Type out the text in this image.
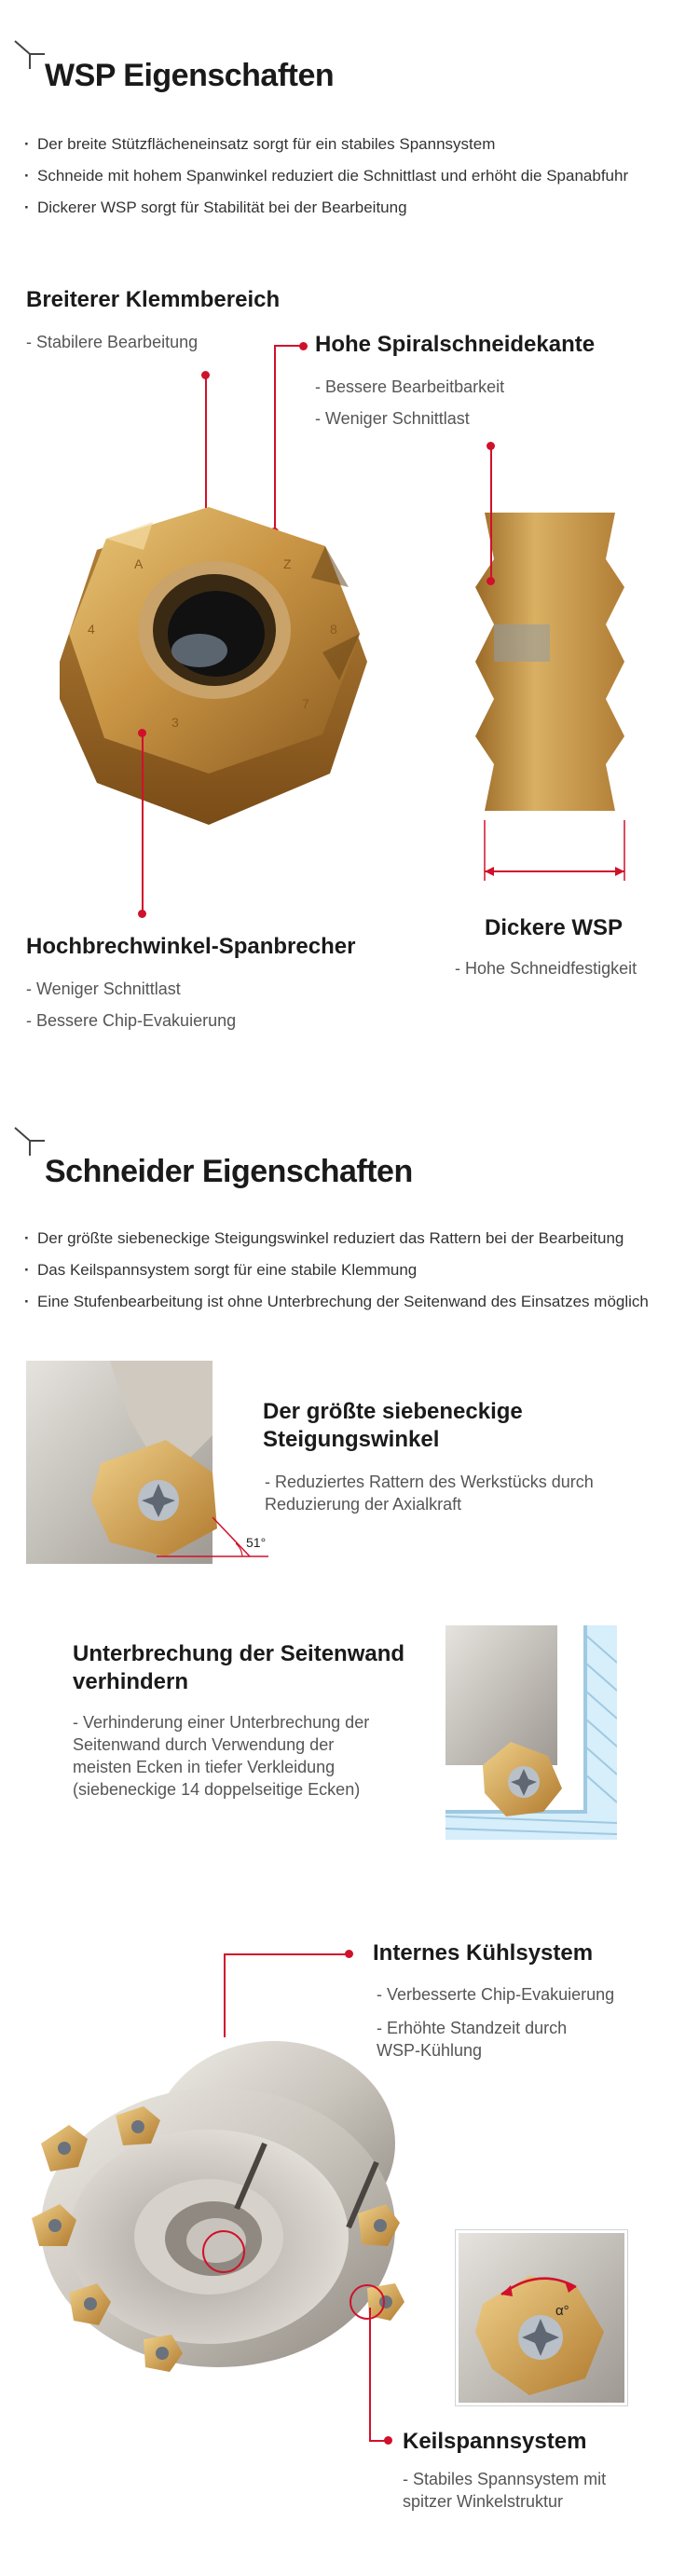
WSP Eigenschaften
· Der breite Stützflächeneinsatz sorgt für ein stabiles Spannsystem
· Schneide mit hohem Spanwinkel reduziert die Schnittlast und erhöht die Spanabfuhr
· Dickerer WSP sorgt für Stabilität bei der Bearbeitung
Breiterer Klemmbereich
- Stabilere Bearbeitung	Hohe Spiralschneidekante
- Bessere Bearbeitbarkeit
- Weniger Schnittlast
A	Z
8
4
7
3
Dickere WSP
- Hohe Schneidfestigkeit
Hochbrechwinkel-Spanbrecher
- Weniger Schnittlast
- Bessere Chip-Evakuierung
Schneider Eigenschaften
· Der größte siebeneckige Steigungswinkel reduziert das Rattern bei der Bearbeitung
· Das Keilspannsystem sorgt für eine stabile Klemmung
· Eine Stufenbearbeitung ist ohne Unterbrechung der Seitenwand des Einsatzes möglich
51°
Der größte siebeneckige
Steigungswinkel
- Reduziertes Rattern des Werkstücks durch
Reduzierung der Axialkraft
Unterbrechung der Seitenwand
verhindern
- Verhinderung einer Unterbrechung der
Seitenwand durch Verwendung der
meisten Ecken in tiefer Verkleidung
(siebeneckige 14 doppelseitige Ecken)
Internes Kühlsystem
- Verbesserte Chip-Evakuierung
- Erhöhte Standzeit durch
WSP-Kühlung
α°
Keilspannsystem
- Stabiles Spannsystem mit
spitzer Winkelstruktur
